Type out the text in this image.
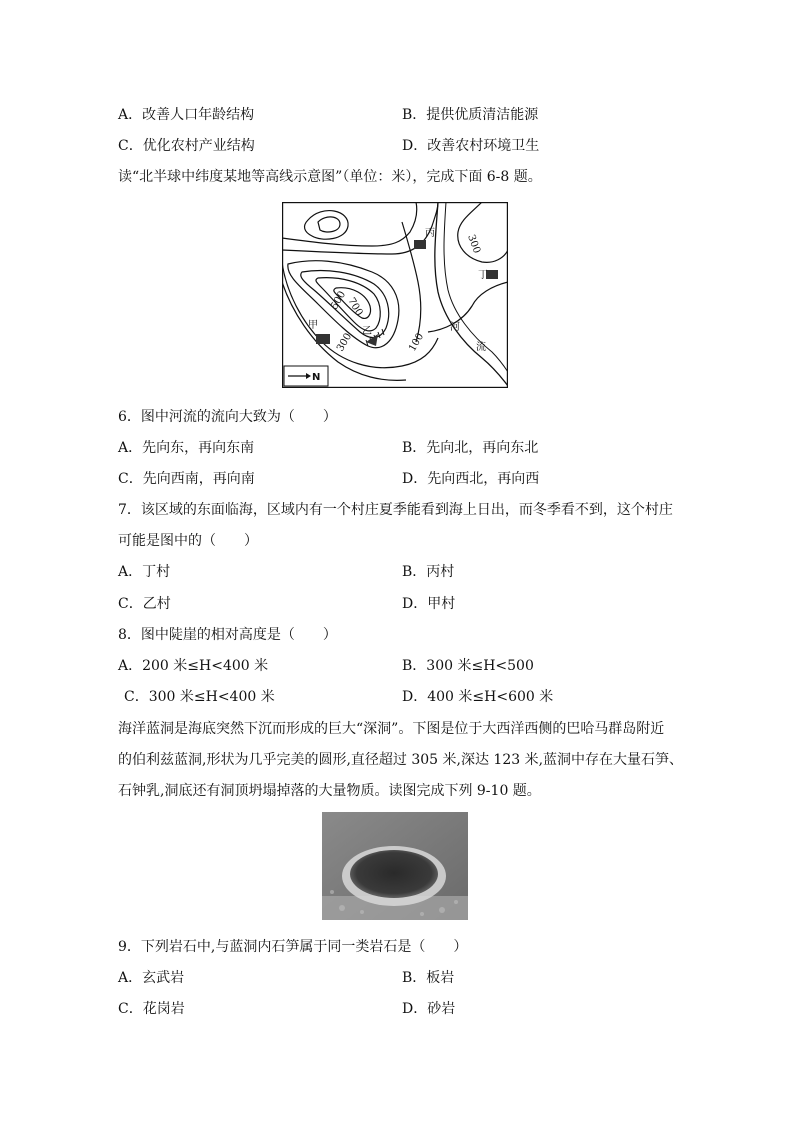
A．改善人口年龄结构	B．提供优质清洁能源
C．优化农村产业结构	D．改善农村环境卫生
读“北半球中纬度某地等高线示意图”（单位：米），完成下面 6-8 题。
丙
丁
甲
乙	河
流
700
500
300
300
100
N
6．图中河流的流向大致为（　　）
A．先向东，再向东南	B．先向北，再向东北
C．先向西南，再向南	D．先向西北，再向西
7．该区域的东面临海，区域内有一个村庄夏季能看到海上日出，而冬季看不到，这个村庄
可能是图中的（　　）
A．丁村	B．丙村
C．乙村	D．甲村
8．图中陡崖的相对高度是（　　）
A．200 米≤H<400 米	B．300 米≤H<500
C．300 米≤H<400 米	D．400 米≤H<600 米
海洋蓝洞是海底突然下沉而形成的巨大“深洞”。下图是位于大西洋西侧的巴哈马群岛附近
的伯利兹蓝洞,形状为几乎完美的圆形,直径超过 305 米,深达 123 米,蓝洞中存在大量石笋、
石钟乳,洞底还有洞顶坍塌掉落的大量物质。读图完成下列 9-10 题。
9．下列岩石中,与蓝洞内石笋属于同一类岩石是（　　）
A．玄武岩	B．板岩
C．花岗岩	D．砂岩
